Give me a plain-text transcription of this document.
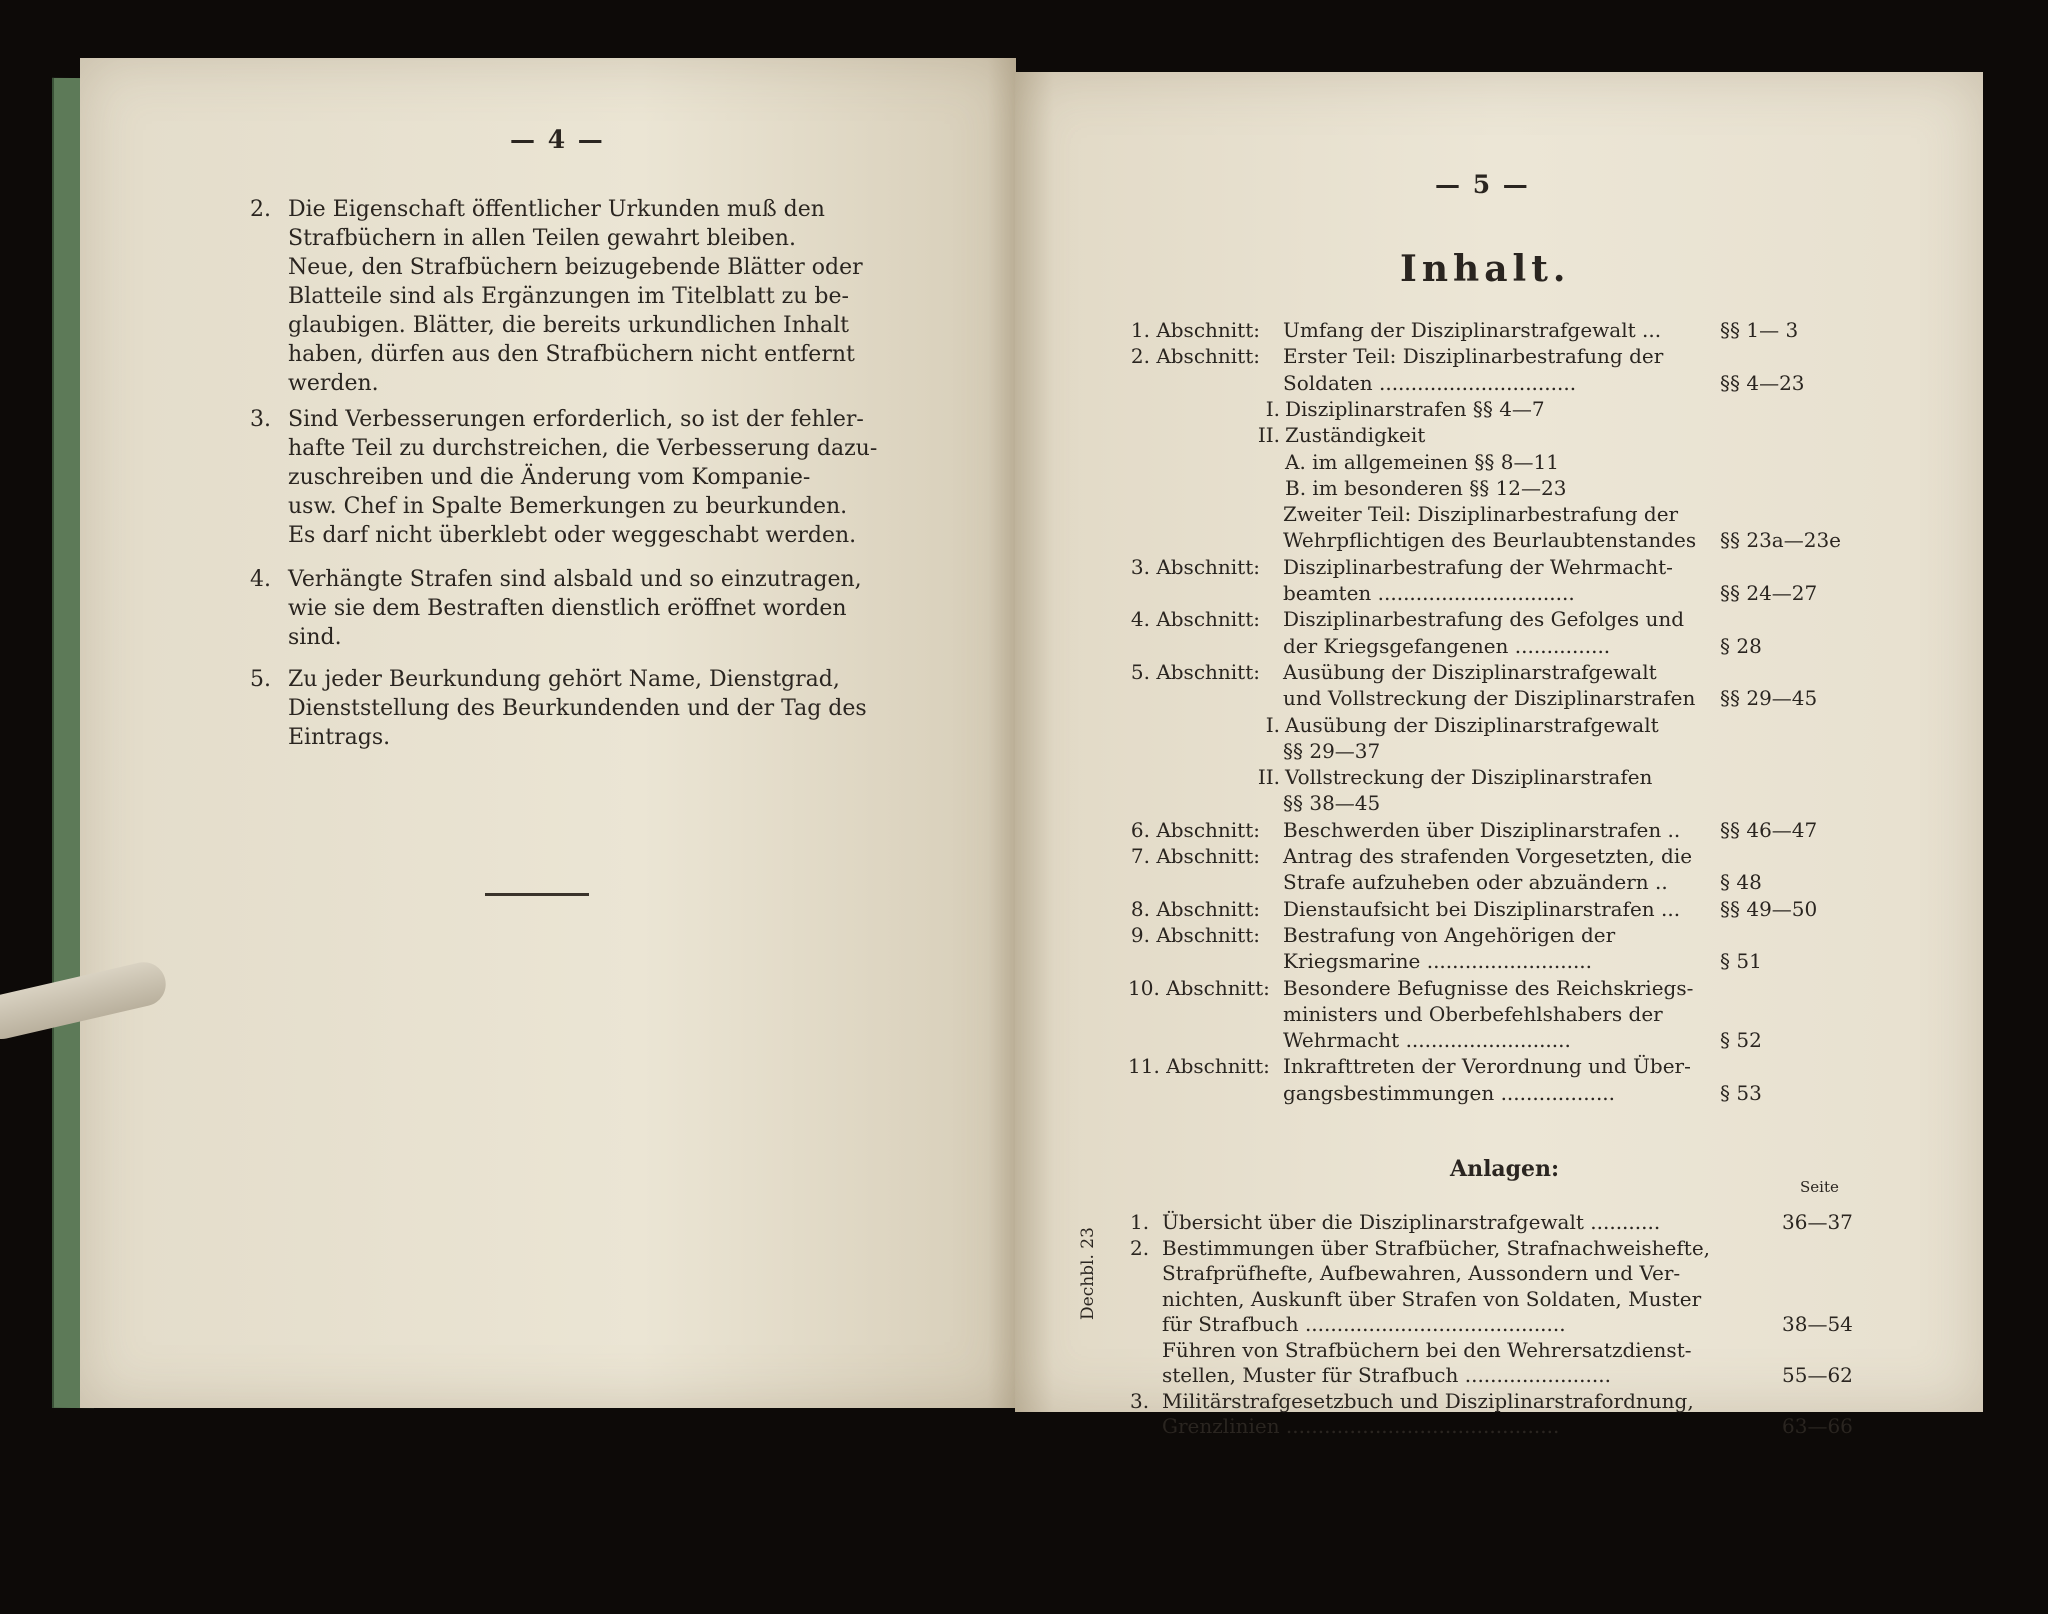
— 4 —
2. Die Eigenschaft öffentlicher Urkunden muß den
Strafbüchern in allen Teilen gewahrt bleiben.
Neue, den Strafbüchern beizugebende Blätter oder
Blatteile sind als Ergänzungen im Titelblatt zu be-
glaubigen. Blätter, die bereits urkundlichen Inhalt
haben, dürfen aus den Strafbüchern nicht entfernt
werden.
3. Sind Verbesserungen erforderlich, so ist der fehler-
hafte Teil zu durchstreichen, die Verbesserung dazu-
zuschreiben und die Änderung vom Kompanie-
usw. Chef in Spalte Bemerkungen zu beurkunden.
Es darf nicht überklebt oder weggeschabt werden.
4. Verhängte Strafen sind alsbald und so einzutragen,
wie sie dem Bestraften dienstlich eröffnet worden
sind.
5. Zu jeder Beurkundung gehört Name, Dienstgrad,
Dienststellung des Beurkundenden und der Tag des
Eintrags.
— 5 —
Inhalt.
1. Abschnitt: Umfang der Disziplinarstrafgewalt ...	§§ 1— 3
2. Abschnitt: Erster Teil: Disziplinarbestrafung der
Soldaten ...............................	§§ 4—23
I. Disziplinarstrafen §§ 4—7
II. Zuständigkeit
A. im allgemeinen §§ 8—11
B. im besonderen §§ 12—23
Zweiter Teil: Disziplinarbestrafung der
Wehrpflichtigen des Beurlaubtenstandes §§ 23a—23e
3. Abschnitt: Disziplinarbestrafung der Wehrmacht-
beamten ...............................	§§ 24—27
4. Abschnitt: Disziplinarbestrafung des Gefolges und
der Kriegsgefangenen ...............	§ 28
5. Abschnitt: Ausübung der Disziplinarstrafgewalt
und Vollstreckung der Disziplinarstrafen §§ 29—45
I. Ausübung der Disziplinarstrafgewalt
§§ 29—37
II. Vollstreckung der Disziplinarstrafen
§§ 38—45
6. Abschnitt: Beschwerden über Disziplinarstrafen .. §§ 46—47
7. Abschnitt: Antrag des strafenden Vorgesetzten, die
Strafe aufzuheben oder abzuändern ..	§ 48
8. Abschnitt: Dienstaufsicht bei Disziplinarstrafen ... §§ 49—50
9. Abschnitt: Bestrafung von Angehörigen der
Kriegsmarine ..........................	§ 51
10. Abschnitt: Besondere Befugnisse des Reichskriegs-
ministers und Oberbefehlshabers der
Wehrmacht ..........................	§ 52
11. Abschnitt: Inkrafttreten der Verordnung und Über-
gangsbestimmungen ..................	§ 53
Anlagen:
Seite
1. Übersicht über die Disziplinarstrafgewalt ...........	36—37
2. Bestimmungen über Strafbücher, Strafnachweishefte,
Strafprüfhefte, Aufbewahren, Aussondern und Ver-
nichten, Auskunft über Strafen von Soldaten, Muster
für Strafbuch .........................................	38—54
Führen von Strafbüchern bei den Wehrersatzdienst-
stellen, Muster für Strafbuch .......................	55—62
3. Militärstrafgesetzbuch und Disziplinarstrafordnung,
Grenzlinien ...........................................	63—66
Dechbl. 23
